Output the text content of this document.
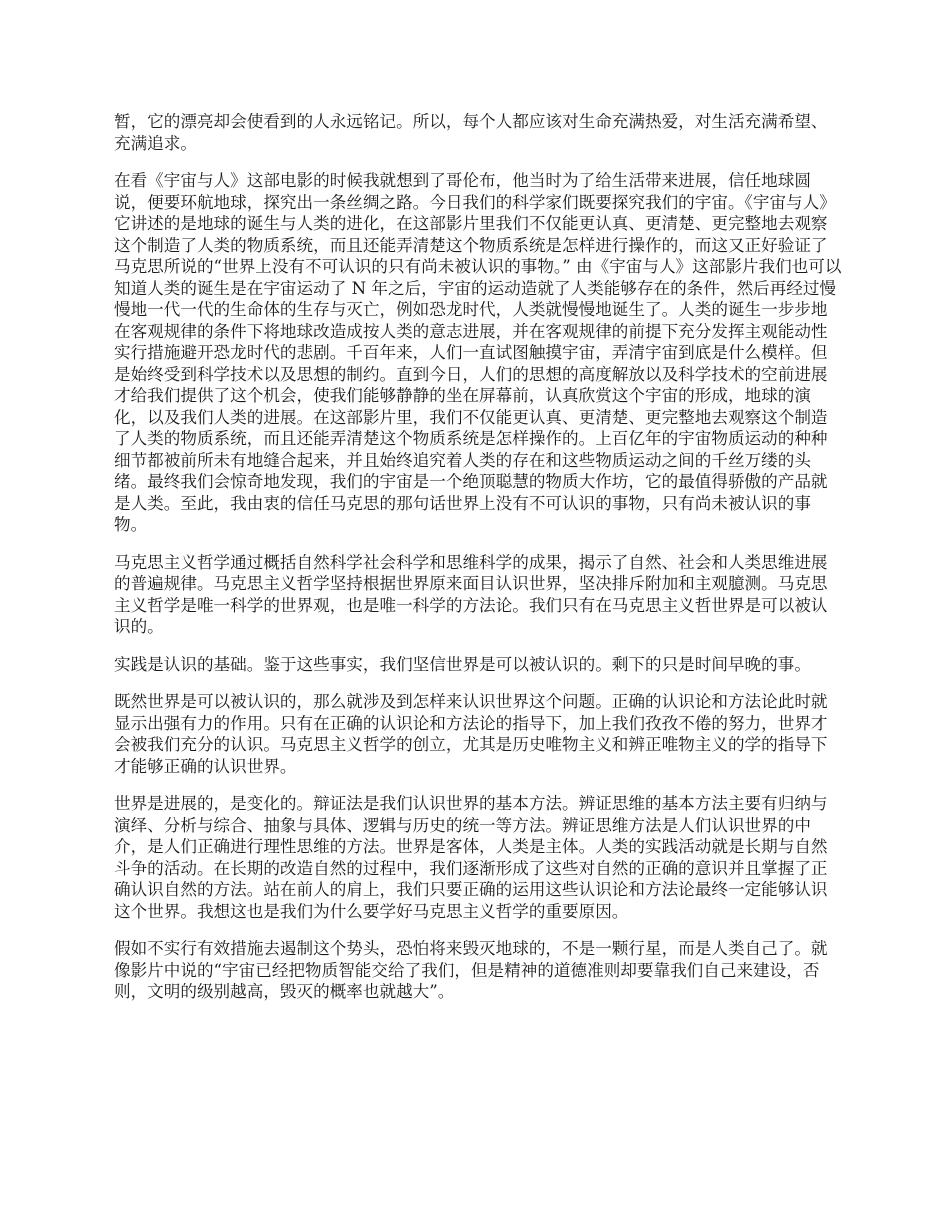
暂，它的漂亮却会使看到的人永远铭记。所以，每个人都应该对生命充满热爱，对生活充满希望、充满追求。

在看《宇宙与人》这部电影的时候我就想到了哥伦布，他当时为了给生活带来进展，信任地球圆说，便要环航地球，探究出一条丝绸之路。今日我们的科学家们既要探究我们的宇宙。《宇宙与人》它讲述的是地球的诞生与人类的进化，在这部影片里我们不仅能更认真、更清楚、更完整地去观察这个制造了人类的物质系统，而且还能弄清楚这个物质系统是怎样进行操作的，而这又正好验证了马克思所说的“世界上没有不可认识的只有尚未被认识的事物。” 由《宇宙与人》这部影片我们也可以知道人类的诞生是在宇宙运动了 N 年之后，宇宙的运动造就了人类能够存在的条件，然后再经过慢慢地一代一代的生命体的生存与灭亡，例如恐龙时代，人类就慢慢地诞生了。人类的诞生一步步地在客观规律的条件下将地球改造成按人类的意志进展，并在客观规律的前提下充分发挥主观能动性实行措施避开恐龙时代的悲剧。千百年来，人们一直试图触摸宇宙，弄清宇宙到底是什么模样。但是始终受到科学技术以及思想的制约。直到今日，人们的思想的高度解放以及科学技术的空前进展才给我们提供了这个机会，使我们能够静静的坐在屏幕前，认真欣赏这个宇宙的形成，地球的演化，以及我们人类的进展。在这部影片里，我们不仅能更认真、更清楚、更完整地去观察这个制造了人类的物质系统，而且还能弄清楚这个物质系统是怎样操作的。上百亿年的宇宙物质运动的种种细节都被前所未有地缝合起来，并且始终追究着人类的存在和这些物质运动之间的千丝万缕的头绪。最终我们会惊奇地发现，我们的宇宙是一个绝顶聪慧的物质大作坊，它的最值得骄傲的产品就是人类。至此，我由衷的信任马克思的那句话世界上没有不可认识的事物，只有尚未被认识的事物。

马克思主义哲学通过概括自然科学社会科学和思维科学的成果，揭示了自然、社会和人类思维进展的普遍规律。马克思主义哲学坚持根据世界原来面目认识世界，坚决排斥附加和主观臆测。马克思主义哲学是唯一科学的世界观，也是唯一科学的方法论。我们只有在马克思主义哲世界是可以被认识的。

实践是认识的基础。鉴于这些事实，我们坚信世界是可以被认识的。剩下的只是时间早晚的事。

既然世界是可以被认识的，那么就涉及到怎样来认识世界这个问题。正确的认识论和方法论此时就显示出强有力的作用。只有在正确的认识论和方法论的指导下，加上我们孜孜不倦的努力，世界才会被我们充分的认识。马克思主义哲学的创立，尤其是历史唯物主义和辨正唯物主义的学的指导下才能够正确的认识世界。

世界是进展的，是变化的。辩证法是我们认识世界的基本方法。辨证思维的基本方法主要有归纳与演绎、分析与综合、抽象与具体、逻辑与历史的统一等方法。辨证思维方法是人们认识世界的中介，是人们正确进行理性思维的方法。世界是客体，人类是主体。人类的实践活动就是长期与自然斗争的活动。在长期的改造自然的过程中，我们逐渐形成了这些对自然的正确的意识并且掌握了正确认识自然的方法。站在前人的肩上，我们只要正确的运用这些认识论和方法论最终一定能够认识这个世界。我想这也是我们为什么要学好马克思主义哲学的重要原因。

假如不实行有效措施去遏制这个势头，恐怕将来毁灭地球的，不是一颗行星，而是人类自己了。就像影片中说的“宇宙已经把物质智能交给了我们，但是精神的道德准则却要靠我们自己来建设，否则，文明的级别越高，毁灭的概率也就越大”。
